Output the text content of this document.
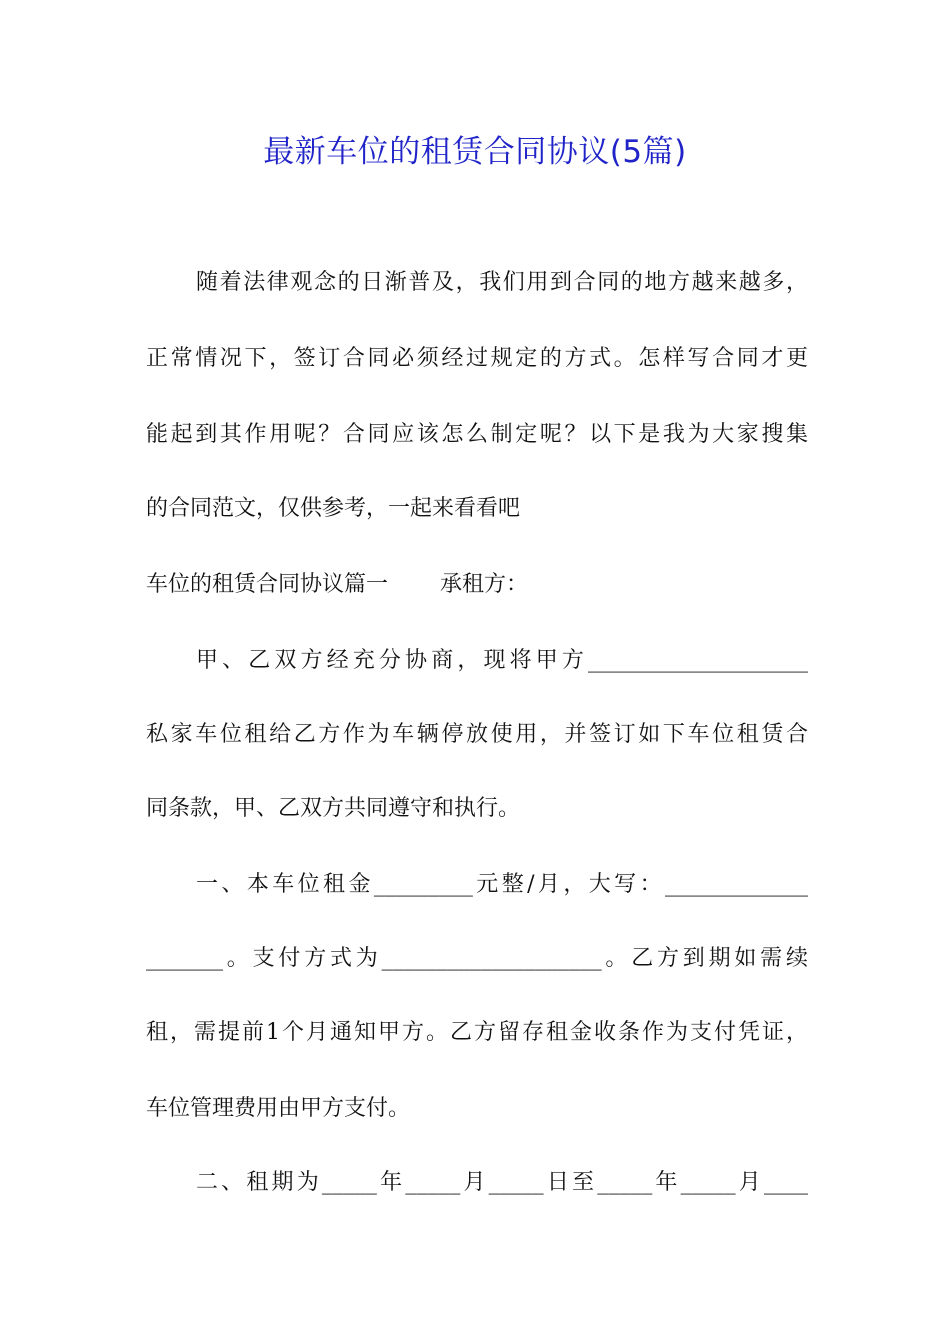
最新车位的租赁合同协议(5篇)
随着法律观念的日渐普及，我们用到合同的地方越来越多，
正常情况下，签订合同必须经过规定的方式。怎样写合同才更
能起到其作用呢？合同应该怎么制定呢？以下是我为大家搜集
的合同范文，仅供参考，一起来看看吧
车位的租赁合同协议篇一 承租方：
甲、乙双方经充分协商，现将甲方____________________
私家车位租给乙方作为车辆停放使用，并签订如下车位租赁合
同条款，甲、乙双方共同遵守和执行。
一、本车位租金_________元整/月，大写：_____________
_______。支付方式为____________________。乙方到期如需续
租，需提前1个月通知甲方。乙方留存租金收条作为支付凭证，
车位管理费用由甲方支付。
二、租期为_____年_____月_____日至_____年_____月____
